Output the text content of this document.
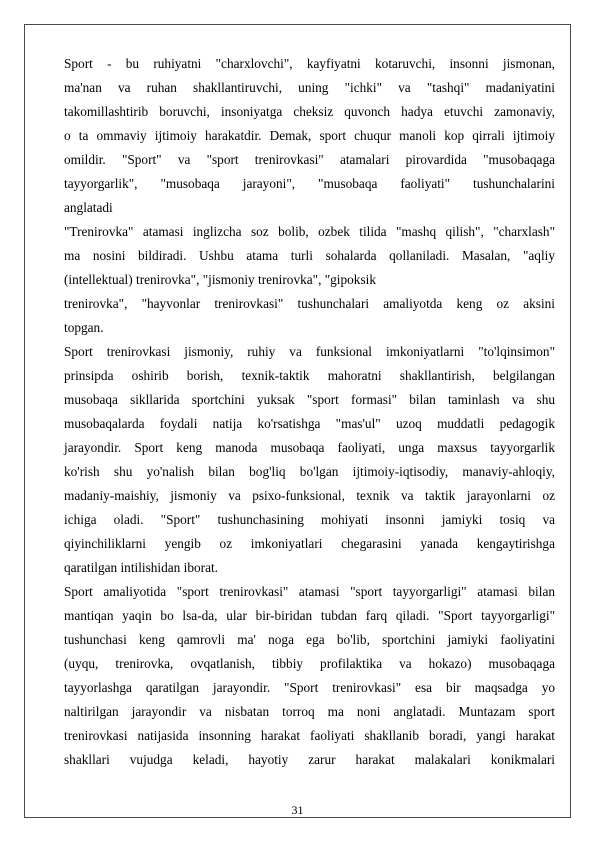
Sport - bu ruhiyatni "charxlovchi", kayfiyatni kotaruvchi, insonni jismonan,

ma'nan va ruhan shakllantiruvchi, uning "ichki" va "tashqi" madaniyatini

takomillashtirib boruvchi, insoniyatga cheksiz quvonch hadya etuvchi zamonaviy,

o ta ommaviy ijtimoiy harakatdir. Demak, sport chuqur manoli kop qirrali ijtimoiy

omildir. "Sport" va "sport trenirovkasi" atamalari pirovardida "musobaqaga

tayyorgarlik", "musobaqa jarayoni", "musobaqa faoliyati" tushunchalarini

anglatadi

"Trenirovka" atamasi inglizcha soz bolib, ozbek tilida "mashq qilish", "charxlash"

ma nosini bildiradi. Ushbu atama turli sohalarda qollaniladi. Masalan, "aqliy

(intellektual) trenirovka", "jismoniy trenirovka", "gipoksik

trenirovka", "hayvonlar trenirovkasi" tushunchalari amaliyotda keng oz aksini

topgan.

Sport trenirovkasi jismoniy, ruhiy va funksional imkoniyatlarni "to'lqinsimon"

prinsipda oshirib borish, texnik-taktik mahoratni shakllantirish, belgilangan

musobaqa sikllarida sportchini yuksak "sport formasi" bilan taminlash va shu

musobaqalarda foydali natija ko'rsatishga "mas'ul" uzoq muddatli pedagogik

jarayondir. Sport keng manoda musobaqa faoliyati, unga maxsus tayyorgarlik

ko'rish shu yo'nalish bilan bog'liq bo'lgan ijtimoiy-iqtisodiy, manaviy-ahloqiy,

madaniy-maishiy, jismoniy va psixo-funksional, texnik va taktik jarayonlarni oz

ichiga oladi. "Sport" tushunchasining mohiyati insonni jamiyki tosiq va

qiyinchiliklarni yengib oz imkoniyatlari chegarasini yanada kengaytirishga

qaratilgan intilishidan iborat.

Sport amaliyotida "sport trenirovkasi" atamasi "sport tayyorgarligi" atamasi bilan

mantiqan yaqin bo lsa-da, ular bir-biridan tubdan farq qiladi. "Sport tayyorgarligi"

tushunchasi keng qamrovli ma' noga ega bo'lib, sportchini jamiyki faoliyatini

(uyqu, trenirovka, ovqatlanish, tibbiy profilaktika va hokazo) musobaqaga

tayyorlashga qaratilgan jarayondir. "Sport trenirovkasi" esa bir maqsadga yo

naltirilgan jarayondir va nisbatan torroq ma noni anglatadi. Muntazam sport

trenirovkasi natijasida insonning harakat faoliyati shakllanib boradi, yangi harakat

shakllari vujudga keladi, hayotiy zarur harakat malakalari konikmalari

31
